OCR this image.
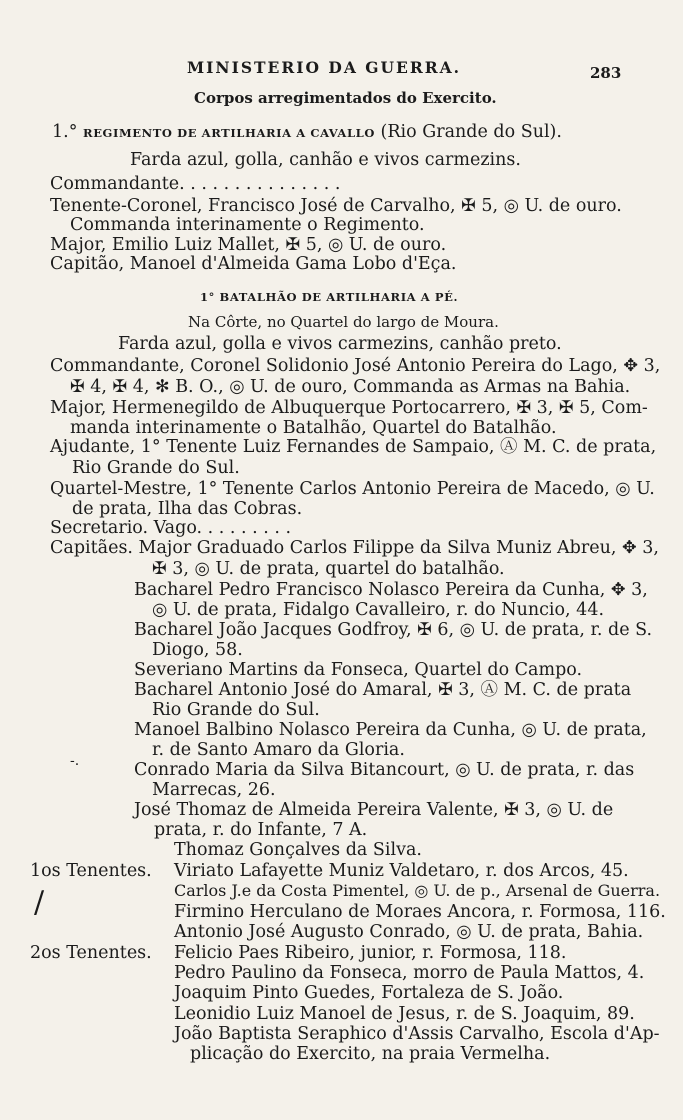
MINISTERIO DA GUERRA.	283
Corpos arregimentados do Exercito.
1.° REGIMENTO DE ARTILHARIA A CAVALLO (Rio Grande do Sul).
Farda azul, golla, canhão e vivos carmezins.
Commandante. . . . . . . . . . . . . . .
Tenente-Coronel, Francisco José de Carvalho, ✠ 5, ◎ U. de ouro.
Commanda interinamente o Regimento.
Major, Emilio Luiz Mallet, ✠ 5, ◎ U. de ouro.
Capitão, Manoel d'Almeida Gama Lobo d'Eça.
1° BATALHÃO DE ARTILHARIA A PÉ.
Na Côrte, no Quartel do largo de Moura.
Farda azul, golla e vivos carmezins, canhão preto.
Commandante, Coronel Solidonio José Antonio Pereira do Lago, ✥ 3,
✠ 4, ✠ 4, ✻ B. O., ◎ U. de ouro, Commanda as Armas na Bahia.
Major, Hermenegildo de Albuquerque Portocarrero, ✠ 3, ✠ 5, Com-
manda interinamente o Batalhão, Quartel do Batalhão.
Ajudante, 1° Tenente Luiz Fernandes de Sampaio, Ⓐ M. C. de prata,
Rio Grande do Sul.
Quartel-Mestre, 1° Tenente Carlos Antonio Pereira de Macedo, ◎ U.
de prata, Ilha das Cobras.
Secretario. Vago. . . . . . . . .
Capitães. Major Graduado Carlos Filippe da Silva Muniz Abreu, ✥ 3,
✠ 3, ◎ U. de prata, quartel do batalhão.
Bacharel Pedro Francisco Nolasco Pereira da Cunha, ✥ 3,
◎ U. de prata, Fidalgo Cavalleiro, r. do Nuncio, 44.
Bacharel João Jacques Godfroy, ✠ 6, ◎ U. de prata, r. de S.
Diogo, 58.
Severiano Martins da Fonseca, Quartel do Campo.
Bacharel Antonio José do Amaral, ✠ 3, Ⓐ M. C. de prata
Rio Grande do Sul.
Manoel Balbino Nolasco Pereira da Cunha, ◎ U. de prata,
r. de Santo Amaro da Gloria.
Conrado Maria da Silva Bitancourt, ◎ U. de prata, r. das
Marrecas, 26.
José Thomaz de Almeida Pereira Valente, ✠ 3, ◎ U. de
prata, r. do Infante, 7 A.
Thomaz Gonçalves da Silva.
1os Tenentes. Viriato Lafayette Muniz Valdetaro, r. dos Arcos, 45.
Carlos J.e da Costa Pimentel, ◎ U. de p., Arsenal de Guerra.
Firmino Herculano de Moraes Ancora, r. Formosa, 116.
Antonio José Augusto Conrado, ◎ U. de prata, Bahia.
2os Tenentes. Felicio Paes Ribeiro, junior, r. Formosa, 118.
Pedro Paulino da Fonseca, morro de Paula Mattos, 4.
Joaquim Pinto Guedes, Fortaleza de S. João.
Leonidio Luiz Manoel de Jesus, r. de S. Joaquim, 89.
João Baptista Seraphico d'Assis Carvalho, Escola d'Ap-
plicação do Exercito, na praia Vermelha.
/
-.
